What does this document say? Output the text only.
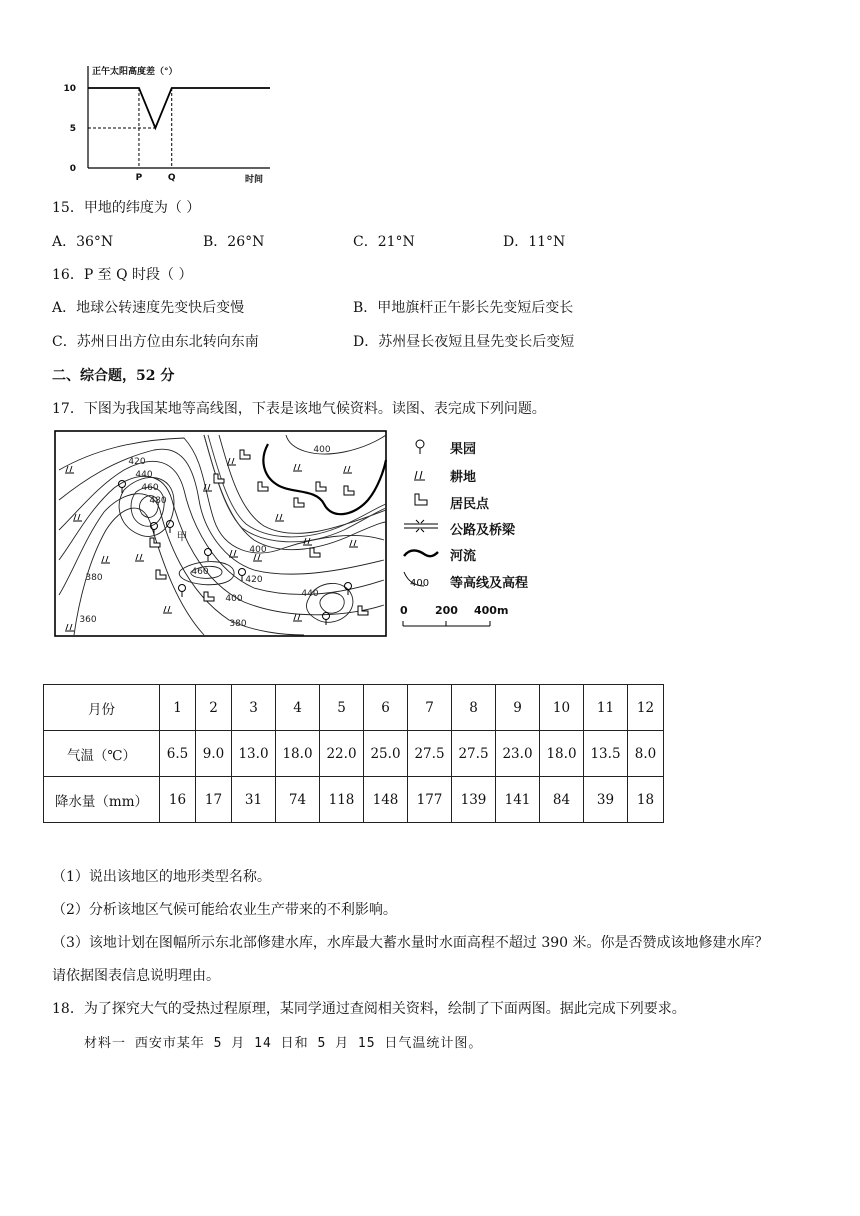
正午太阳高度差（°）
时间
0
5
10
P	Q
15．甲地的纬度为（ ）
A．36°N	B．26°N	C．21°N	D．11°N
16．P 至 Q 时段（ ）
A．地球公转速度先变快后变慢	B．甲地旗杆正午影长先变短后变长
C．苏州日出方位由东北转向东南	D．苏州昼长夜短且昼先变长后变短
二、综合题，52 分
17．下图为我国某地等高线图，下表是该地气候资料。读图、表完成下列问题。
400
420
440
460
480
甲
400
380
360
460
420
400	440
380
400
果园
耕地
居民点
公路及桥梁
河流
等高线及高程
0 200 400m
月份	1	2	3	4	5	6	7	8	9	10	11	12
气温（℃）	6.5	9.0	13.0	18.0	22.0	25.0	27.5	27.5	23.0	18.0	13.5	8.0
降水量（mm）	16	17	31	74	118	148	177	139	141	84	39	18
（1）说出该地区的地形类型名称。
（2）分析该地区气候可能给农业生产带来的不利影响。
（3）该地计划在图幅所示东北部修建水库，水库最大蓄水量时水面高程不超过 390 米。你是否赞成该地修建水库？
请依据图表信息说明理由。
18．为了探究大气的受热过程原理，某同学通过查阅相关资料，绘制了下面两图。据此完成下列要求。
材料一 西安市某年 5 月 14 日和 5 月 15 日气温统计图。
